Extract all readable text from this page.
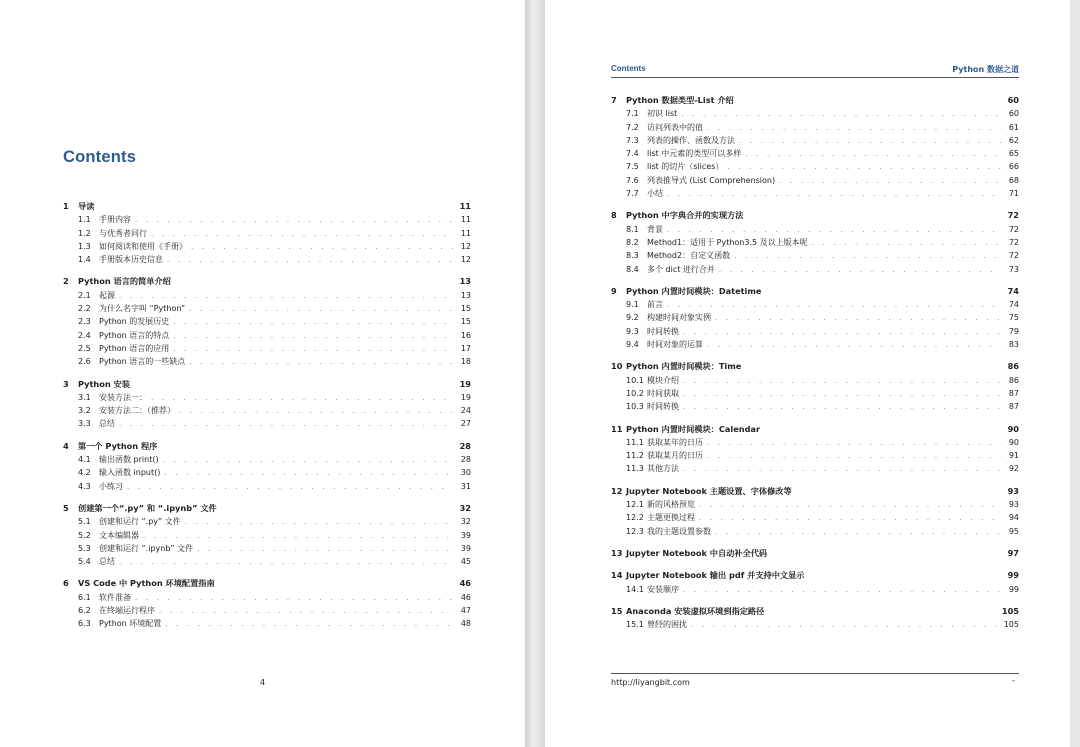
Contents
1	导读	11
1.1	手册内容 . . .	11
1.2	与优秀者同行 . . .	11
1.3	如何阅读和使用《手册》 . . .	12
1.4	手册版本历史信息 . . .	12
2	Python 语言的简单介绍	13
2.1	起源 . . .	13
2.2	为什么名字叫 “Python” . . .	15
2.3	Python 的发展历史 . . .	15
2.4	Python 语言的特点 . . .	16
2.5	Python 语言的应用 . . .	17
2.6	Python 语言的一些缺点 . . .	18
3	Python 安装	19
3.1	安装方法一： . . .	19
3.2	安装方法二：（推荐） . . .	24
3.3	总结 . . .	27
4	第一个 Python 程序	28
4.1	输出函数 print() . . .	28
4.2	输入函数 input() . . .	30
4.3	小练习 . . .	31
5	创建第一个“.py” 和 “.ipynb” 文件	32
5.1	创建和运行 “.py” 文件 . . .	32
5.2	文本编辑器 . . .	39
5.3	创建和运行 “.ipynb” 文件 . . .	39
5.4	总结 . . .	45
6	VS Code 中 Python 环境配置指南	46
6.1	软件准备 . . .	46
6.2	在终端运行程序 . . .	47
6.3	Python 环境配置 . . .	48
4
Contents	Python 数据之道
7	Python 数据类型-List 介绍	60
7.1	初识 list . . .	60
7.2	访问列表中的值 . . .	61
7.3	列表的操作、函数及方法 . . .	62
7.4	list 中元素的类型可以多样 . . .	65
7.5	list 的切片（slices） . . .	66
7.6	列表推导式 (List Comprehension) . . .	68
7.7	小结 . . .	71
8	Python 中字典合并的实现方法	72
8.1	背景 . . .	72
8.2	Method1：适用于 Python3.5 及以上版本呢 . . .	72
8.3	Method2：自定义函数 . . .	72
8.4	多个 dict 进行合并 . . .	73
9	Python 内置时间模块：Datetime	74
9.1	前言 . . .	74
9.2	构建时间对象实例 . . .	75
9.3	时间转换 . . .	79
9.4	时间对象的运算 . . .	83
10 Python 内置时间模块：Time	86
10.1 模块介绍 . . .	86
10.2 时间获取 . . .	87
10.3 时间转换 . . .	87
11 Python 内置时间模块：Calendar	90
11.1 获取某年的日历 . . .	90
11.2 获取某月的日历 . . .	91
11.3 其他方法 . . .	92
12 Jupyter Notebook 主题设置、字体修改等	93
12.1 新的风格预览 . . .	93
12.2 主题更换过程 . . .	94
12.3 我的主题设置参数 . . .	95
13 Jupyter Notebook 中自动补全代码	97
14 Jupyter Notebook 输出 pdf 并支持中文显示	99
14.1 安装顺序 . . .	99
15 Anaconda 安装虚拟环境到指定路径	105
15.1 曾经的困扰 . . .	105
http://liyangbit.com	-
